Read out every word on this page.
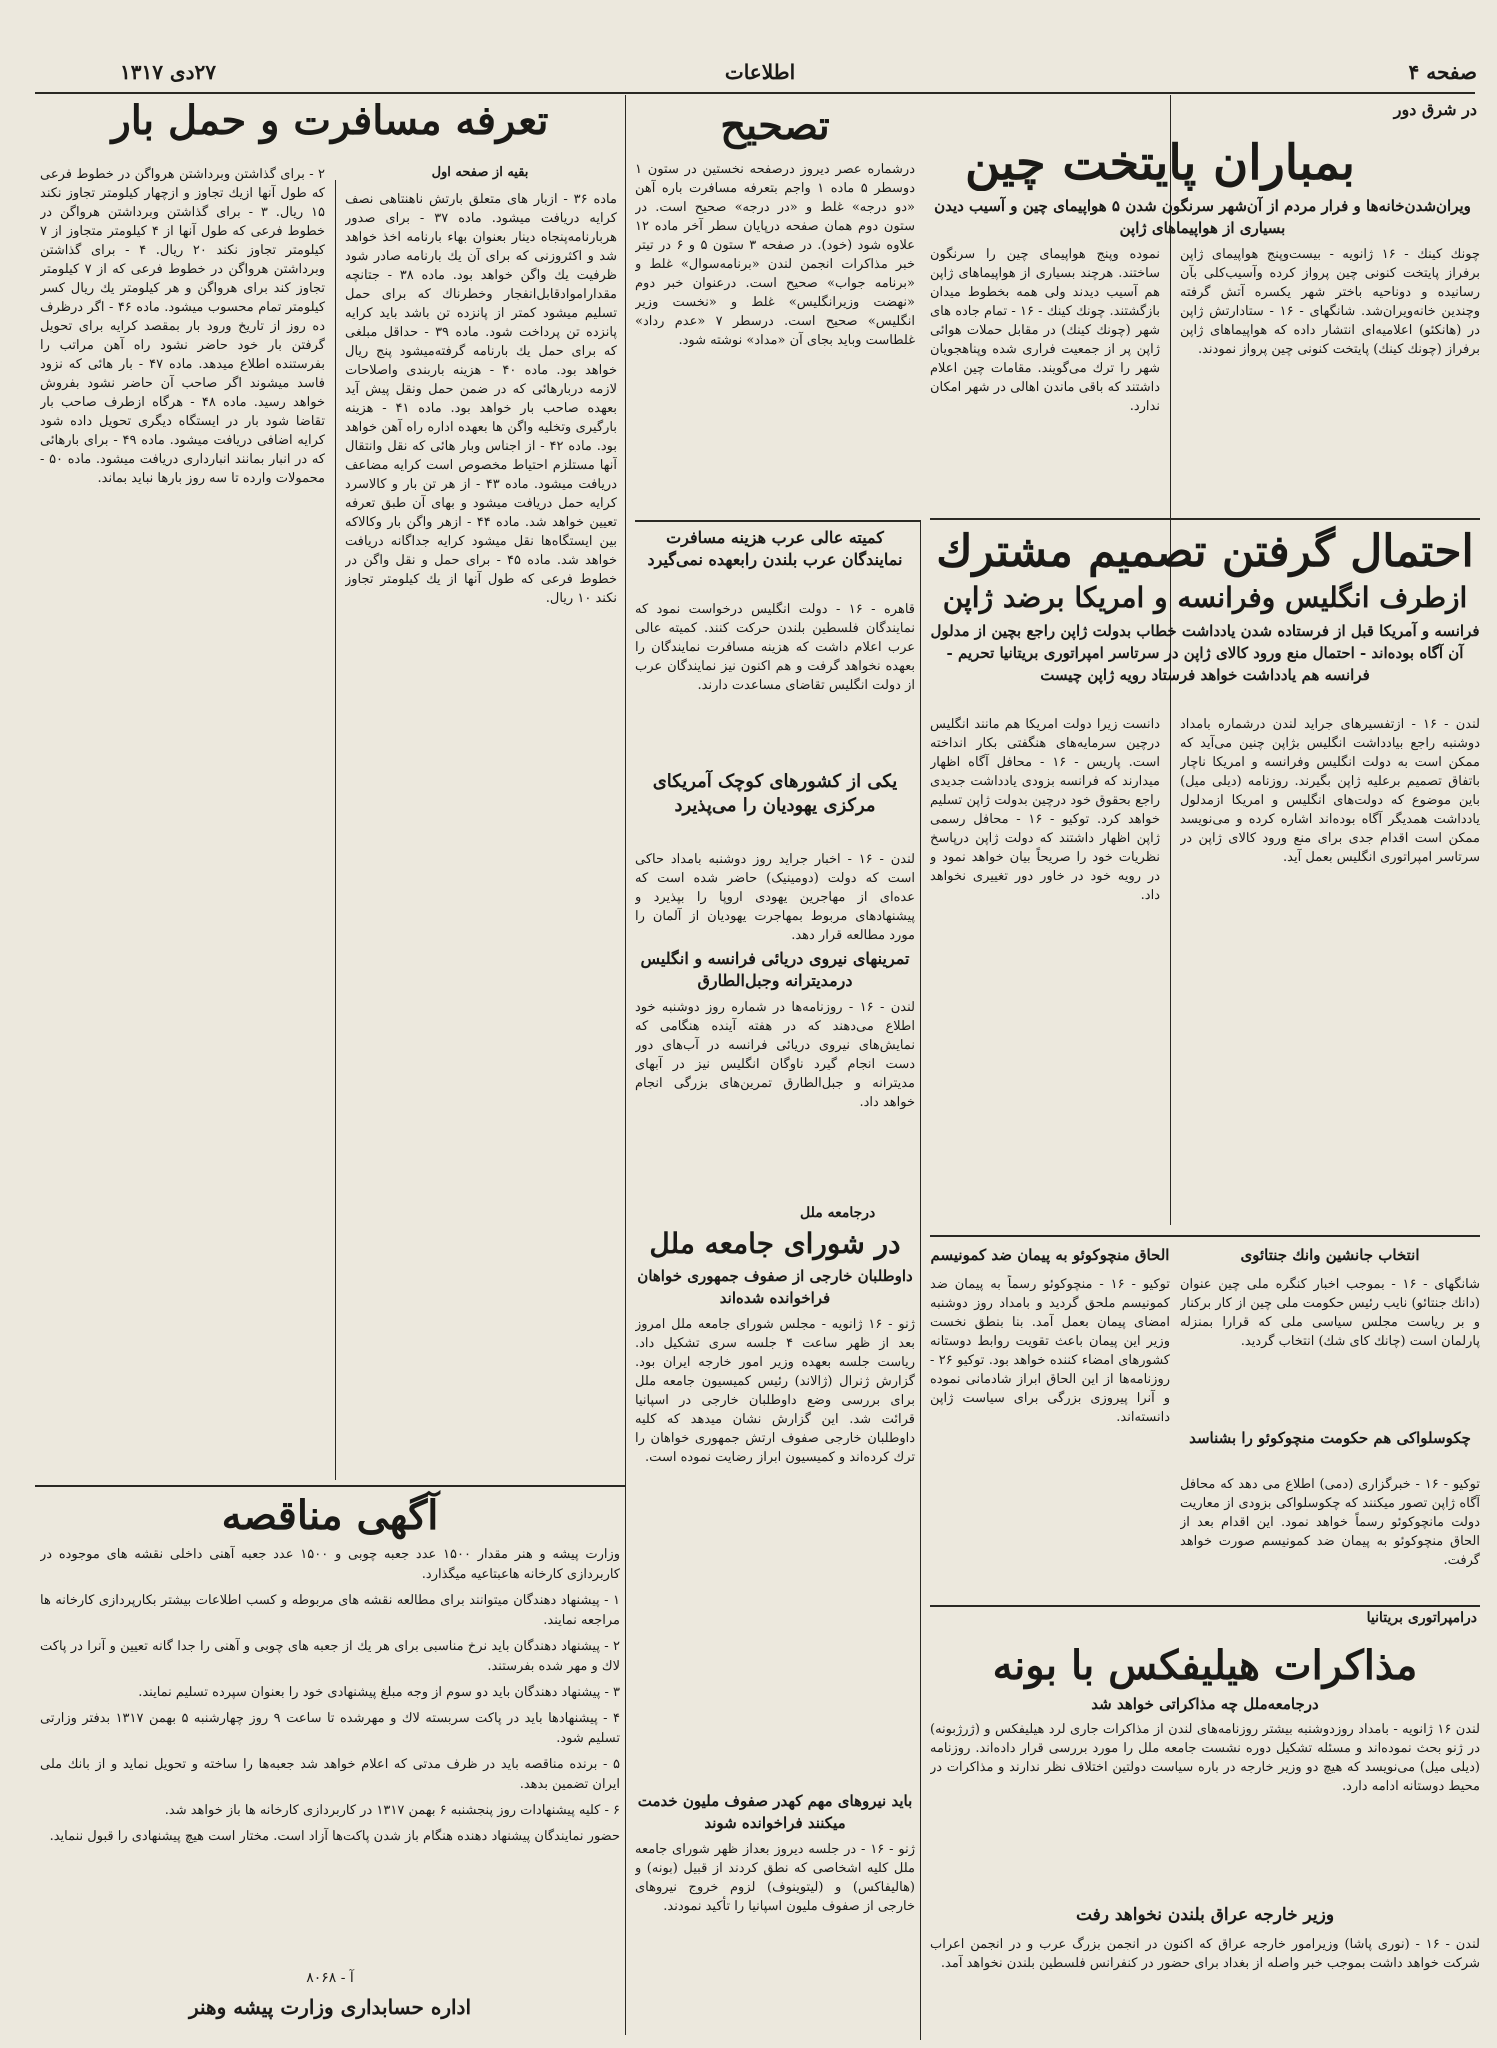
صفحه ۴
اطلاعات
۲۷دی ۱۳۱۷
در شرق دور
بمباران پایتخت چین
ویران‌شدن‌خانه‌ها و فرار مردم از آن‌شهر سرنگون شدن ۵ هواپیمای چین و آسیب دیدن بسیاری از هواپیماهای ژاپن
چونك كينك - ۱۶ ژانويه - بيست‌وپنج هواپيماى ژاپن برفراز پايتخت كنونى چين پرواز كرده وآسيب‌كلى بآن رسانيده و دوناحيه باختر شهر يكسره آتش گرفته وچندين خانه‌ويران‌شد. شانگهای - ۱۶ - ستادارتش ژاپن در (هانكئو) اعلاميه‌ای انتشار داده که هواپیماهای ژاپن برفراز (چونك كينك) پایتخت کنونی چين پرواز نمودند.
نموده وپنج هواپیمای چین را سرنگون ساختند. هرچند بسیاری از هواپیماهای ژاپن هم آسیب دیدند ولی همه بخطوط میدان بازگشتند. چونك كينك - ۱۶ - تمام جاده های شهر (چونك كينك) در مقابل حملات هوائی ژاپن پر از جمعیت فراری شده وپناهجویان شهر را ترك می‌گويند. مقامات چين اعلام داشتند که باقی ماندن اهالی در شهر امكان ندارد.
احتمال گرفتن تصمیم مشترك
ازطرف انگلیس وفرانسه و امریکا برضد ژاپن
فرانسه و آمریکا قبل از فرستاده شدن یادداشت خطاب بدولت ژاپن راجع بچین از مدلول آن آگاه بوده‌اند - احتمال منع ورود کالای ژاپن در سرتاسر امپراتوری بریتانیا تحریم - فرانسه هم یادداشت خواهد فرستاد رویه ژاپن چیست
لندن - ۱۶ - ازتفسیرهای جراید لندن درشماره بامداد دوشنبه راجع بیادداشت انگلیس بژاپن چنین می‌آید که ممکن است به دولت انگلیس وفرانسه و امریکا ناچار باتفاق تصمیم برعلیه ژاپن بگیرند. روزنامه (دیلی میل) باین موضوع که دولت‌های انگلیس و امریکا ازمدلول یادداشت همدیگر آگاه بوده‌اند اشاره کرده و می‌نویسد ممکن است اقدام جدی برای منع ورود کالای ژاپن در سرتاسر امپراتوری انگلیس بعمل آید.
دانست زیرا دولت امریکا هم مانند انگلیس درچین سرمایه‌های هنگفتی بکار انداخته است. پاریس - ۱۶ - محافل آگاه اظهار میدارند که فرانسه بزودی یادداشت جدیدی راجع بحقوق خود درچین بدولت ژاپن تسلیم خواهد کرد. توکیو - ۱۶ - محافل رسمی ژاپن اظهار داشتند که دولت ژاپن درپاسخ نظریات خود را صریحاً بیان خواهد نمود و در رویه خود در خاور دور تغییری نخواهد داد.
تصحیح
درشماره عصر دیروز درصفحه نخستین در ستون ۱ دوسطر ۵ ماده ۱ واجم بتعرفه مسافرت باره آهن «دو درجه» غلط و «در درجه» صحیح است. در ستون دوم همان صفحه درپایان سطر آخر ماده ۱۲ علاوه شود (خود). در صفحه ۳ ستون ۵ و ۶ در تیتر خبر مذاکرات انجمن لندن «برنامه‌سوال» غلط و «برنامه جواب» صحیح است. درعنوان خبر دوم «نهضت وزیرانگلیس» غلط و «نخست وزیر انگلیس» صحیح است. درسطر ۷ «عدم رداد» غلطاست وباید بجای آن «مداد» نوشته شود.
کمیته عالی عرب هزینه مسافرت نمایندگان عرب بلندن رابعهده نمی‌گیرد
قاهره - ۱۶ - دولت انگلیس درخواست نمود که نمایندگان فلسطین بلندن حرکت کنند. کمیته عالی عرب اعلام داشت که هزینه مسافرت نمایندگان را بعهده نخواهد گرفت و هم اکنون نیز نمایندگان عرب از دولت انگلیس تقاضای مساعدت دارند.
یکی از کشورهای کوچک آمریکای مرکزی یهودیان را می‌پذیرد
لندن - ۱۶ - اخبار جراید روز دوشنبه بامداد حاکی است که دولت (دومینیک) حاضر شده است که عده‌ای از مهاجرین یهودی اروپا را بپذیرد و پیشنهادهای مربوط بمهاجرت یهودیان از آلمان را مورد مطالعه قرار دهد.
تمرینهای نیروی دریائی فرانسه و انگلیس درمدیترانه وجبل‌الطارق
لندن - ۱۶ - روزنامه‌ها در شماره روز دوشنبه خود اطلاع می‌دهند که در هفته آینده هنگامی که نمایش‌های نیروی دریائی فرانسه در آب‌های دور دست انجام گیرد ناوگان انگلیس نیز در آبهای مدیترانه و جبل‌الطارق تمرین‌های بزرگی انجام خواهد داد.
درجامعه ملل
در شورای جامعه ملل
داوطلبان خارجی از صفوف جمهوری خواهان فراخوانده شده‌اند
ژنو - ۱۶ ژانويه - مجلس شورای جامعه ملل امروز بعد از ظهر ساعت ۴ جلسه سری تشکیل داد. ریاست جلسه بعهده وزیر امور خارجه ایران بود. گزارش ژنرال (ژالاند) رئیس کمیسیون جامعه ملل برای بررسی وضع داوطلبان خارجی در اسپانیا قرائت شد. این گزارش نشان میدهد که کلیه داوطلبان خارجی صفوف ارتش جمهوری خواهان را ترك کرده‌اند و کمیسیون ابراز رضایت نموده است.
باید نیروهای مهم کهدر صفوف ملیون خدمت میکنند فراخوانده شوند
ژنو - ۱۶ - در جلسه دیروز بعداز ظهر شورای جامعه ملل کلیه اشخاصی که نطق کردند از قبیل (بونه) و (هالیفاکس) و (لیتوینوف) لزوم خروج نیروهای خارجی از صفوف ملیون اسپانیا را تأکید نمودند.
الحاق منچوكوئو به پیمان ضد کمونیسم
توکیو - ۱۶ - منچوكوئو رسماً به پیمان ضد کمونیسم ملحق گردید و بامداد روز دوشنبه امضای پیمان بعمل آمد. بنا بنطق نخست وزیر این پیمان باعث تقویت روابط دوستانه کشورهای امضاء کننده خواهد بود. توکیو ۲۶ - روزنامه‌ها از این الحاق ابراز شادمانی نموده و آنرا پیروزی بزرگی برای سیاست ژاپن دانسته‌اند.
انتخاب جانشین وانك جنتائوی
شانگهای - ۱۶ - بموجب اخبار کنگره ملی چین عنوان (دانك جنتائو) نایب رئیس حکومت ملی چین از کار برکنار و بر ریاست مجلس سیاسی ملی که قرارا بمنزله پارلمان است (چانك کای شك) انتخاب گردید.
چکوسلواکی هم حکومت منچوکوئو را بشناسد
توکیو - ۱۶ - خبرگزاری (دمی) اطلاع می دهد که محافل آگاه ژاپن تصور میکنند که چکوسلواکی بزودی از معاریت دولت مانچوکوئو رسماً خواهد نمود. این اقدام بعد از الحاق منچوکوئو به پیمان ضد کمونیسم صورت خواهد گرفت.
درامپراتوری بریتانیا
مذاکرات هیلیفکس با بونه
درجامعه‌ملل چه مذاکراتی خواهد شد
لندن ۱۶ ژانویه - بامداد روزدوشنبه بیشتر روزنامه‌های لندن از مذاکرات جاری لرد هیلیفکس و (ژرژبونه) در ژنو بحث نموده‌اند و مسئله تشکیل دوره نشست جامعه ملل را مورد بررسی قرار داده‌اند. روزنامه (دیلی میل) می‌نویسد که هیچ دو وزیر خارجه در باره سیاست دولتین اختلاف نظر ندارند و مذاکرات در محیط دوستانه ادامه دارد.
وزیر خارجه عراق بلندن نخواهد رفت
لندن - ۱۶ - (نوری پاشا) وزیرامور خارجه عراق که اکنون در انجمن بزرگ عرب و در انجمن اعراب شرکت خواهد داشت بموجب خبر واصله از بغداد برای حضور در کنفرانس فلسطین بلندن نخواهد آمد.
تعرفه مسافرت و حمل بار
بقیه از صفحه اول
ماده ۳۶ - ازبار های متعلق بارتش ناهنتاهی نصف کرایه دریافت میشود. ماده ۳۷ - برای صدور هربارنامه‌پنجاه دینار بعنوان بهاء بارنامه اخذ خواهد شد و اکثروزنی که برای آن یك بارنامه صادر شود ظرفیت یك واگن خواهد بود. ماده ۳۸ - جتانچه مقداراموادقابل‌انفجار وخطرناك که برای حمل تسلیم میشود کمتر از پانزده تن باشد باید کرایه پانزده تن پرداخت شود. ماده ۳۹ - حداقل مبلغی که برای حمل یك بارنامه گرفته‌میشود پنج ریال خواهد بود. ماده ۴۰ - هزینه باربندی واصلاحات لازمه دربارهائی که در ضمن حمل ونقل پیش آید بعهده صاحب بار خواهد بود. ماده ۴۱ - هزینه بارگیری وتخلیه واگن ها بعهده اداره راه آهن خواهد بود. ماده ۴۲ - از اجناس وبار هائی که نقل وانتقال آنها مستلزم احتیاط مخصوص است کرایه مضاعف دریافت میشود. ماده ۴۳ - از هر تن بار و کالاسرد کرایه حمل دریافت میشود و بهای آن طبق تعرفه تعیین خواهد شد. ماده ۴۴ - ازهر واگن بار وکالاکه بین ایستگاه‌ها نقل میشود کرایه جداگانه دریافت خواهد شد. ماده ۴۵ - برای حمل و نقل واگن در خطوط فرعی که طول آنها از یك کیلومتر تجاوز نکند ۱۰ ریال.
۲ - برای گذاشتن وبرداشتن هرواگن در خطوط فرعی که طول آنها ازیك تجاوز و ازچهار کیلومتر تجاوز نکند ۱۵ ریال. ۳ - برای گذاشتن وبرداشتن هرواگن در خطوط فرعی که طول آنها از ۴ کیلومتر متجاوز از ۷ کیلومتر تجاوز نکند ۲۰ ریال. ۴ - برای گذاشتن وبرداشتن هرواگن در خطوط فرعی که از ۷ کیلومتر تجاوز کند برای هرواگن و هر کیلومتر یك ریال کسر کیلومتر تمام محسوب میشود. ماده ۴۶ - اگر درظرف ده روز از تاریخ ورود بار بمقصد کرایه برای تحویل گرفتن بار خود حاضر نشود راه آهن مراتب را بفرستنده اطلاع میدهد. ماده ۴۷ - بار هائی که نزود فاسد میشوند اگر صاحب آن حاضر نشود بفروش خواهد رسید. ماده ۴۸ - هرگاه ازطرف صاحب بار تقاضا شود بار در ایستگاه دیگری تحویل داده شود کرایه اضافی دریافت میشود. ماده ۴۹ - برای بارهائی که در انبار بمانند انبارداری دریافت میشود. ماده ۵۰ - محمولات وارده تا سه روز بارها نباید بماند.
آگهی مناقصه

وزارت پیشه و هنر مقدار ۱۵۰۰ عدد جعبه چوبی و ۱۵۰۰ عدد جعبه آهنی داخلی نقشه های موجوده در کاربردازی کارخانه هاعبتاعیه میگذارد.

۱ - پیشنهاد دهندگان میتوانند برای مطالعه نقشه های مربوطه و کسب اطلاعات بیشتر بکارپردازی کارخانه ها مراجعه نمایند.

۲ - پیشنهاد دهندگان باید نرخ مناسبی برای هر یك از جعبه های چوبی و آهنی را جدا گانه تعیین و آنرا در پاکت لاك و مهر شده بفرستند.

۳ - پیشنهاد دهندگان باید دو سوم از وجه مبلغ پیشنهادی خود را بعنوان سپرده تسلیم نمایند.

۴ - پیشنهادها باید در پاکت سربسته لاك و مهرشده تا ساعت ۹ روز چهارشنبه ۵ بهمن ۱۳۱۷ بدفتر وزارتی تسلیم شود.

۵ - برنده مناقصه باید در ظرف مدتی که اعلام خواهد شد جعبه‌ها را ساخته و تحویل نماید و از بانك ملی ایران تضمین بدهد.

۶ - کلیه پیشنهادات روز پنجشنبه ۶ بهمن ۱۳۱۷ در کاربردازی کارخانه ها باز خواهد شد.

حضور نمایندگان پیشنهاد دهنده هنگام باز شدن پاکت‌ها آزاد است. مختار است هیچ پیشنهادی را قبول ننماید.

آ - ۸۰۶۸
اداره حسابداری وزارت پیشه وهنر
